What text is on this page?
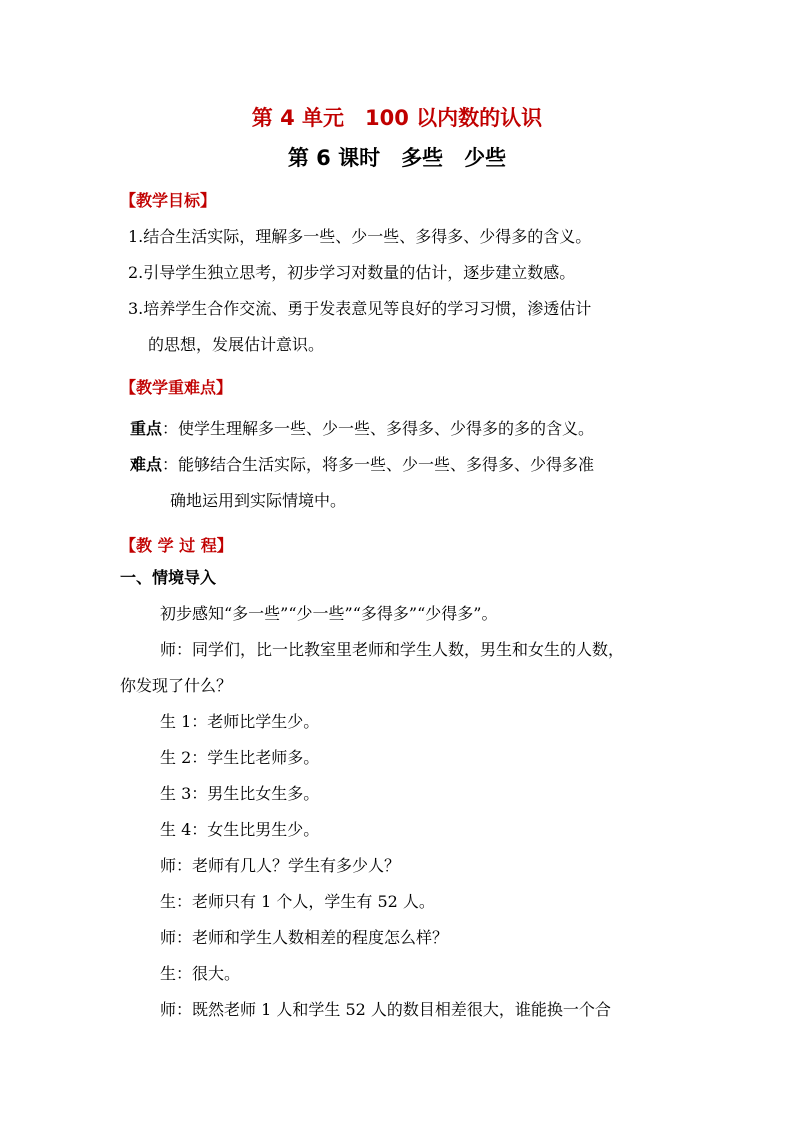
第 4 单元　100 以内数的认识
第 6 课时　多些　少些
【教学目标】
1.结合生活实际，理解多一些、少一些、多得多、少得多的含义。
2.引导学生独立思考，初步学习对数量的估计，逐步建立数感。
3.培养学生合作交流、勇于发表意见等良好的学习习惯，渗透估计
的思想，发展估计意识。
【教学重难点】
重点：使学生理解多一些、少一些、多得多、少得多的多的含义。
难点：能够结合生活实际，将多一些、少一些、多得多、少得多准
确地运用到实际情境中。
【教 学 过 程】
一、情境导入
初步感知“多一些”“少一些”“多得多”“少得多”。
师：同学们，比一比教室里老师和学生人数，男生和女生的人数，
你发现了什么？
生 1：老师比学生少。
生 2：学生比老师多。
生 3：男生比女生多。
生 4：女生比男生少。
师：老师有几人？学生有多少人？
生：老师只有 1 个人，学生有 52 人。
师：老师和学生人数相差的程度怎么样？
生：很大。
师：既然老师 1 人和学生 52 人的数目相差很大，谁能换一个合
